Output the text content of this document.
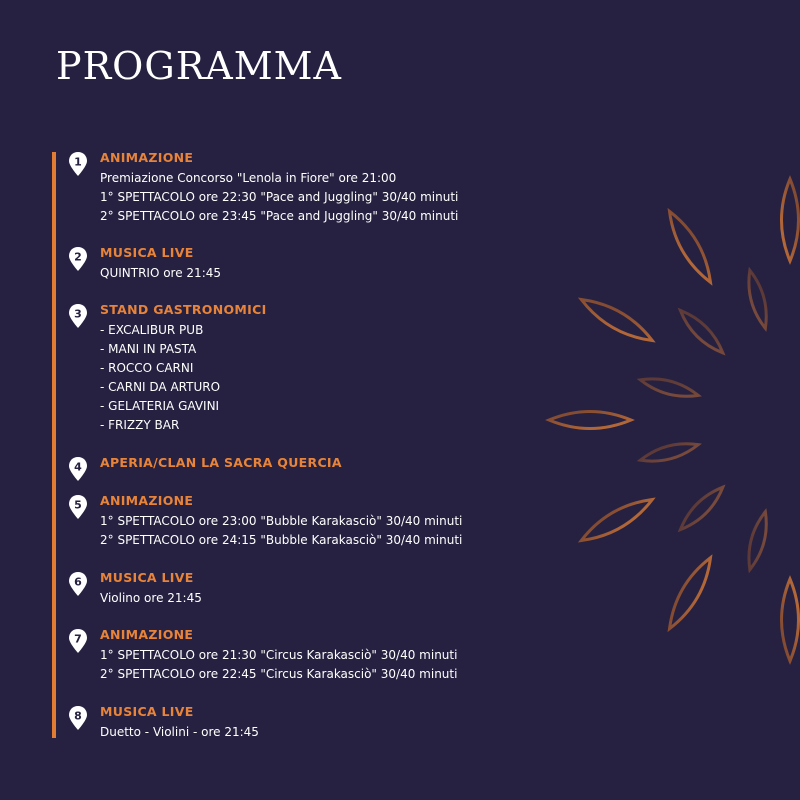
PROGRAMMA
1 ANIMAZIONE
Premiazione Concorso "Lenola in Fiore" ore 21:00
1° SPETTACOLO ore 22:30 "Pace and Juggling" 30/40 minuti
2° SPETTACOLO ore 23:45 "Pace and Juggling" 30/40 minuti
2 MUSICA LIVE
QUINTRIO ore 21:45
3 STAND GASTRONOMICI
- EXCALIBUR PUB
- MANI IN PASTA
- ROCCO CARNI
- CARNI DA ARTURO
- GELATERIA GAVINI
- FRIZZY BAR
4 APERIA/CLAN LA SACRA QUERCIA
5 ANIMAZIONE
1° SPETTACOLO ore 23:00 "Bubble Karakasciò" 30/40 minuti
2° SPETTACOLO ore 24:15 "Bubble Karakasciò" 30/40 minuti
6 MUSICA LIVE
Violino ore 21:45
7 ANIMAZIONE
1° SPETTACOLO ore 21:30 "Circus Karakasciò" 30/40 minuti
2° SPETTACOLO ore 22:45 "Circus Karakasciò" 30/40 minuti
8 MUSICA LIVE
Duetto - Violini - ore 21:45
